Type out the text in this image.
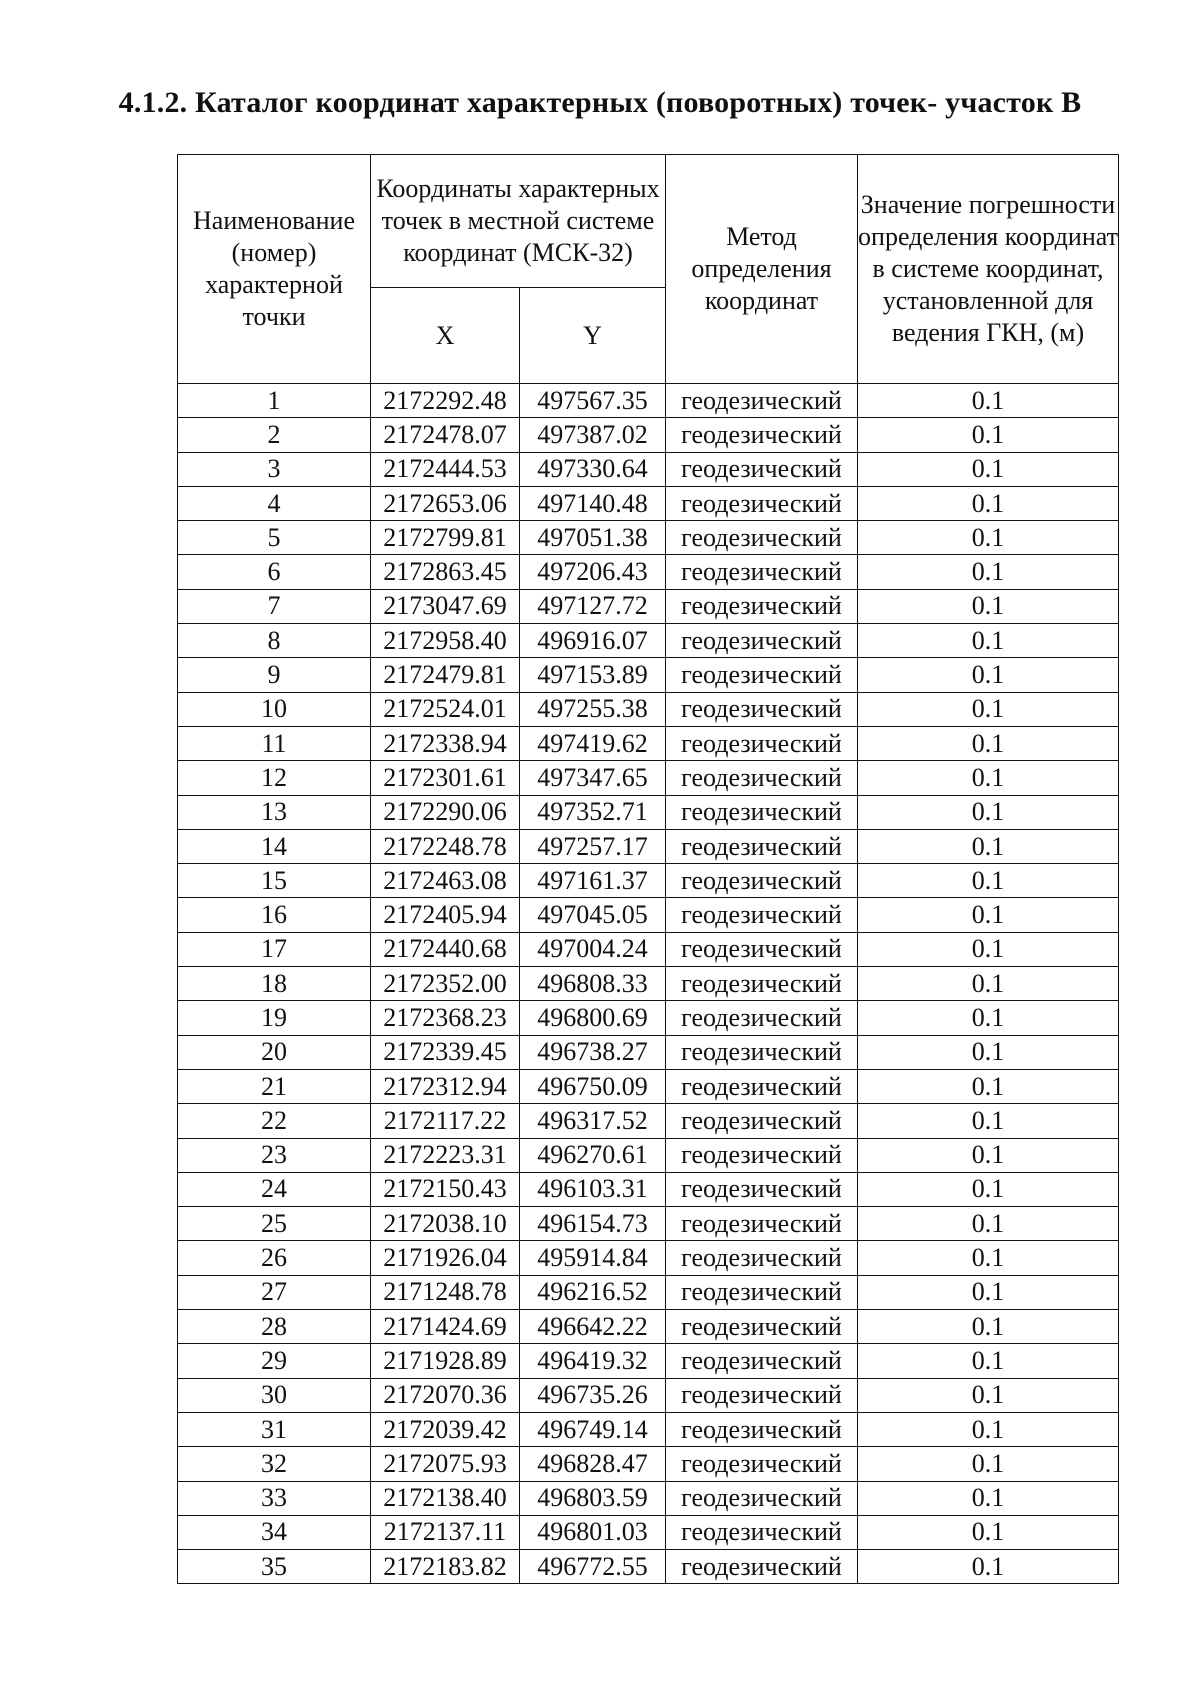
4.1.2. Каталог координат характерных (поворотных) точек- участок В
Наименование (номер) характерной точки	Координаты характерных точек в местной системе координат (МСК-32)		Метод определения координат	Значение погрешности определения координат в системе координат, установленной для ведения ГКН, (м)
	X	Y		
1	2172292.48	497567.35	геодезический	0.1
2	2172478.07	497387.02	геодезический	0.1
3	2172444.53	497330.64	геодезический	0.1
4	2172653.06	497140.48	геодезический	0.1
5	2172799.81	497051.38	геодезический	0.1
6	2172863.45	497206.43	геодезический	0.1
7	2173047.69	497127.72	геодезический	0.1
8	2172958.40	496916.07	геодезический	0.1
9	2172479.81	497153.89	геодезический	0.1
10	2172524.01	497255.38	геодезический	0.1
11	2172338.94	497419.62	геодезический	0.1
12	2172301.61	497347.65	геодезический	0.1
13	2172290.06	497352.71	геодезический	0.1
14	2172248.78	497257.17	геодезический	0.1
15	2172463.08	497161.37	геодезический	0.1
16	2172405.94	497045.05	геодезический	0.1
17	2172440.68	497004.24	геодезический	0.1
18	2172352.00	496808.33	геодезический	0.1
19	2172368.23	496800.69	геодезический	0.1
20	2172339.45	496738.27	геодезический	0.1
21	2172312.94	496750.09	геодезический	0.1
22	2172117.22	496317.52	геодезический	0.1
23	2172223.31	496270.61	геодезический	0.1
24	2172150.43	496103.31	геодезический	0.1
25	2172038.10	496154.73	геодезический	0.1
26	2171926.04	495914.84	геодезический	0.1
27	2171248.78	496216.52	геодезический	0.1
28	2171424.69	496642.22	геодезический	0.1
29	2171928.89	496419.32	геодезический	0.1
30	2172070.36	496735.26	геодезический	0.1
31	2172039.42	496749.14	геодезический	0.1
32	2172075.93	496828.47	геодезический	0.1
33	2172138.40	496803.59	геодезический	0.1
34	2172137.11	496801.03	геодезический	0.1
35	2172183.82	496772.55	геодезический	0.1
